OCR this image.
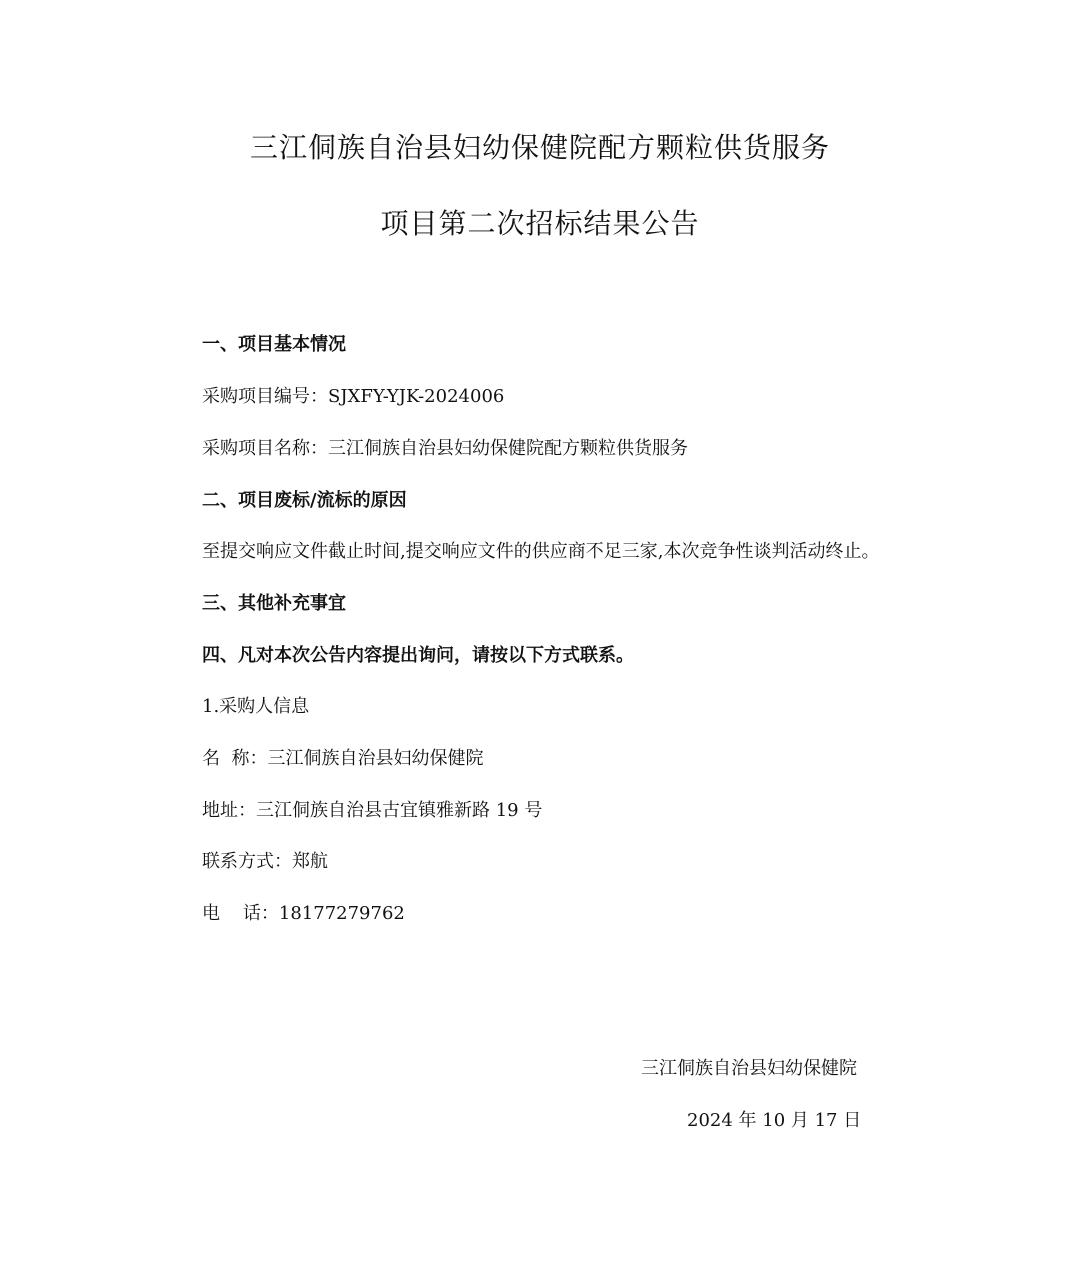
三江侗族自治县妇幼保健院配方颗粒供货服务
项目第二次招标结果公告
一、项目基本情况
采购项目编号：SJXFY-YJK-2024006
采购项目名称：三江侗族自治县妇幼保健院配方颗粒供货服务
二、项目废标/流标的原因
至提交响应文件截止时间,提交响应文件的供应商不足三家,本次竞争性谈判活动终止。
三、其他补充事宜
四、凡对本次公告内容提出询问，请按以下方式联系。
1.采购人信息
名  称：三江侗族自治县妇幼保健院
地址：三江侗族自治县古宜镇雅新路 19 号
联系方式：郑航
电    话：18177279762
三江侗族自治县妇幼保健院
2024 年 10 月 17 日
